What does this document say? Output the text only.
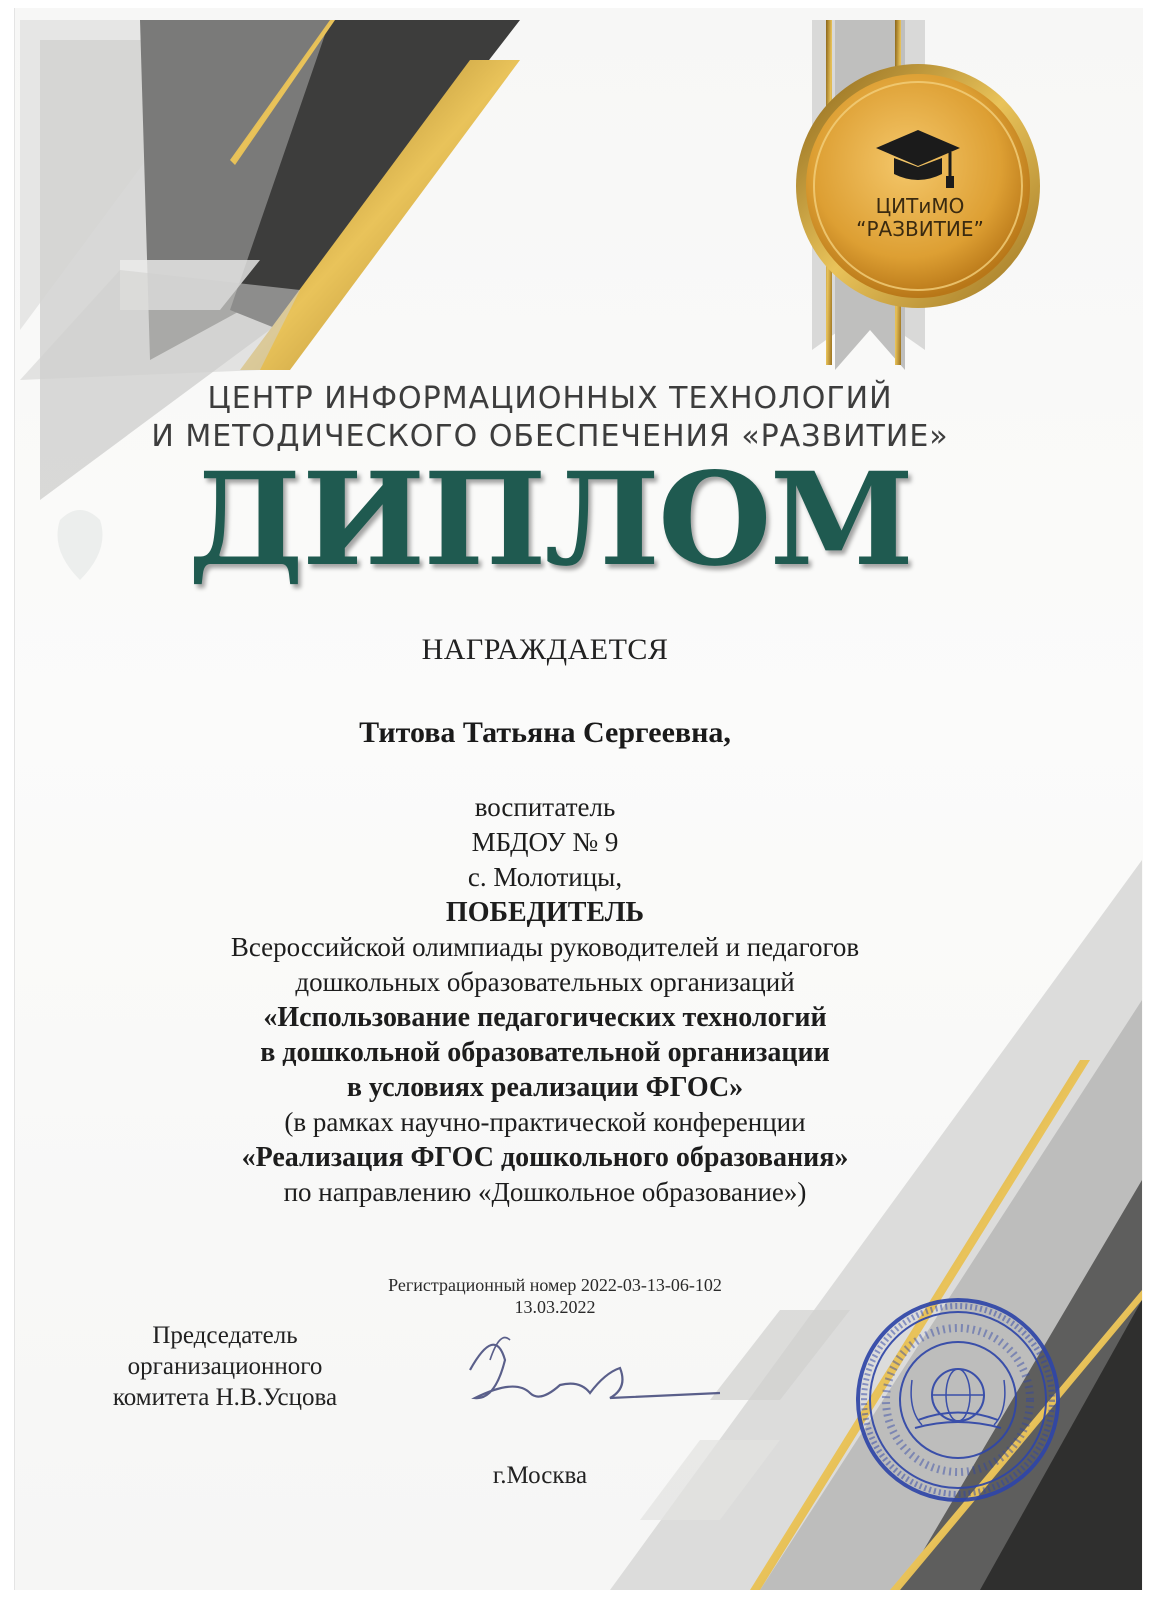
ЦИТиМО
“РАЗВИТИЕ”
ЦЕНТР ИНФОРМАЦИОННЫХ ТЕХНОЛОГИЙ
И МЕТОДИЧЕСКОГО ОБЕСПЕЧЕНИЯ «РАЗВИТИЕ»
ДИПЛОМ
НАГРАЖДАЕТСЯ
Титова Татьяна Сергеевна,
воспитатель
МБДОУ № 9
с. Молотицы,
ПОБЕДИТЕЛЬ
Всероссийской олимпиады руководителей и педагогов
дошкольных образовательных организаций
«Использование педагогических технологий
в дошкольной образовательной организации
в условиях реализации ФГОС»
(в рамках научно-практической конференции
«Реализация ФГОС дошкольного образования»
по направлению «Дошкольное образование»)
Регистрационный номер 2022-03-13-06-102
13.03.2022
Председатель
организационного
комитета Н.В.Усцова
г.Москва
